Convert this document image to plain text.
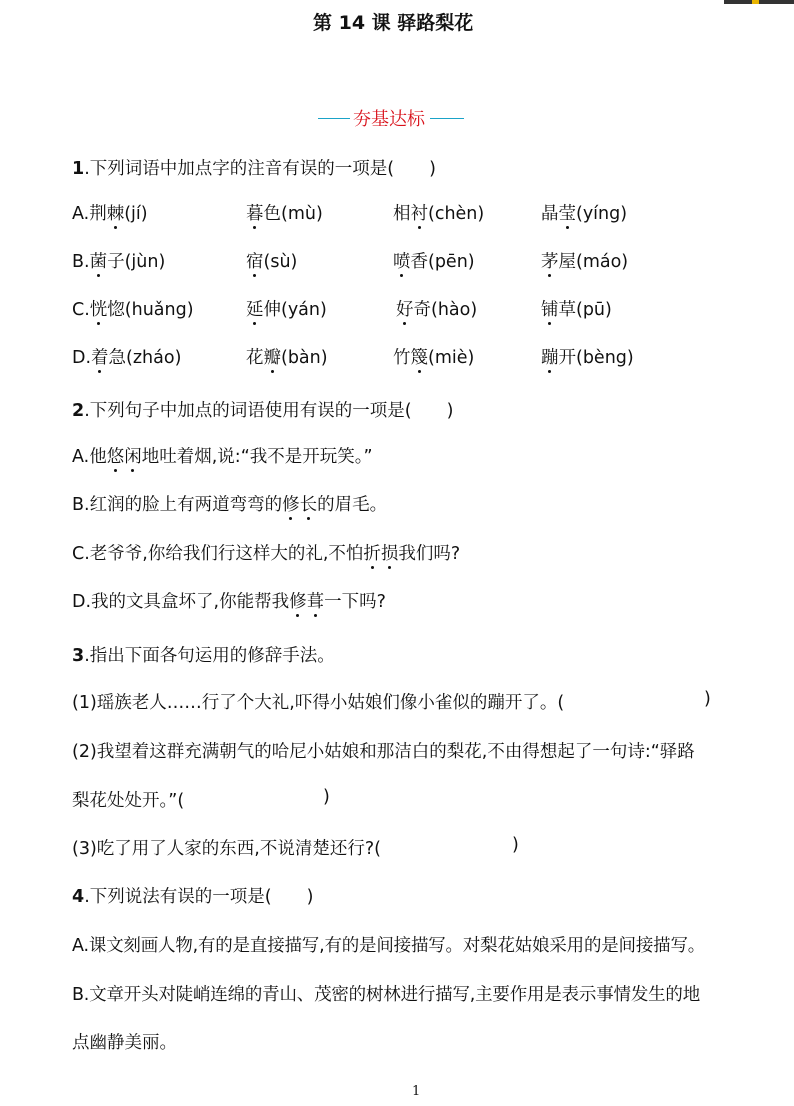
第 14 课 驿路梨花
夯基达标
1.下列词语中加点字的注音有误的一项是(　　)
A.荆棘(jí)	暮色(mù)	相衬(chèn)	晶莹(yíng)
B.菌子(jùn)	宿(sù)	喷香(pēn)	茅屋(máo)
C.恍惚(huǎng)	延伸(yán)	好奇(hào)	铺草(pū)
D.着急(zháo)	花瓣(bàn)	竹篾(miè)	蹦开(bèng)
2.下列句子中加点的词语使用有误的一项是(　　)
A.他悠闲地吐着烟,说:“我不是开玩笑。”
B.红润的脸上有两道弯弯的修长的眉毛。
C.老爷爷,你给我们行这样大的礼,不怕折损我们吗?
D.我的文具盒坏了,你能帮我修葺一下吗?
3.指出下面各句运用的修辞手法。
(1)瑶族老人……行了个大礼,吓得小姑娘们像小雀似的蹦开了。(	)
(2)我望着这群充满朝气的哈尼小姑娘和那洁白的梨花,不由得想起了一句诗:“驿路
梨花处处开。”(	)
(3)吃了用了人家的东西,不说清楚还行?(	)
4.下列说法有误的一项是(　　)
A.课文刻画人物,有的是直接描写,有的是间接描写。对梨花姑娘采用的是间接描写。
B.文章开头对陡峭连绵的青山、茂密的树林进行描写,主要作用是表示事情发生的地
点幽静美丽。
1
